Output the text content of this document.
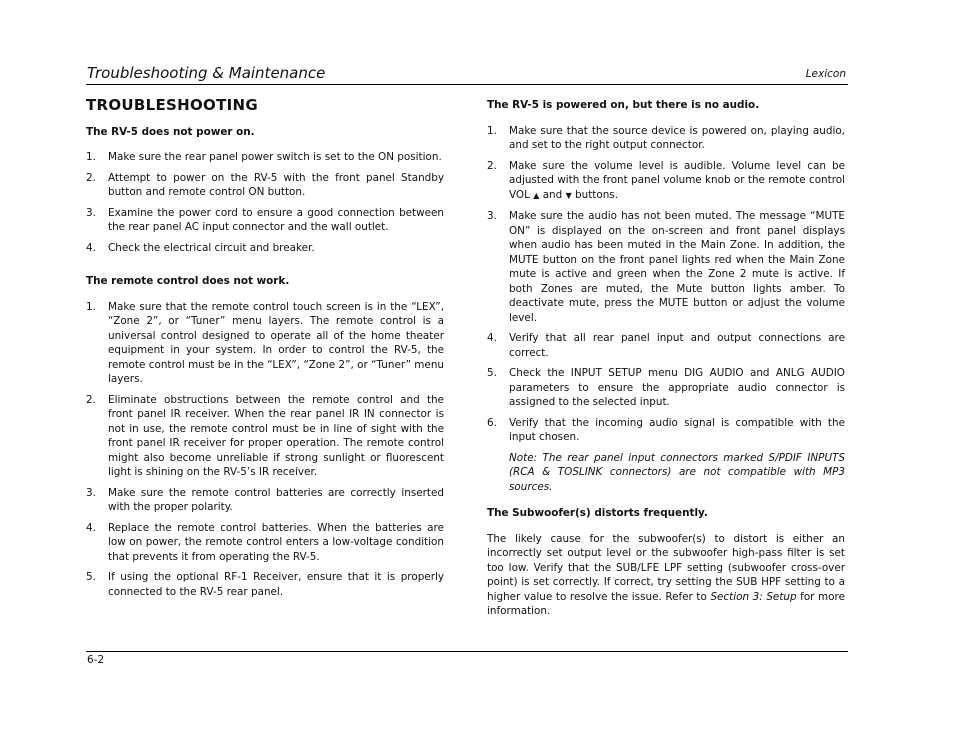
Troubleshooting & Maintenance	Lexicon
TROUBLESHOOTING
The RV-5 does not power on.
1. Make sure the rear panel power switch is set to the ON position.
2. Attempt to power on the RV-5 with the front panel Standby button and remote control ON button.
3. Examine the power cord to ensure a good connection between the rear panel AC input connector and the wall outlet.
4. Check the electrical circuit and breaker.
The remote control does not work.
1. Make sure that the remote control touch screen is in the “LEX”, “Zone 2”, or “Tuner” menu layers. The remote control is a universal control designed to operate all of the home theater equipment in your system. In order to control the RV-5, the remote control must be in the “LEX”, “Zone 2”, or “Tuner” menu layers.
2. Eliminate obstructions between the remote control and the front panel IR receiver. When the rear panel IR IN connector is not in use, the remote control must be in line of sight with the front panel IR receiver for proper operation. The remote control might also become unreliable if strong sunlight or fluorescent light is shining on the RV-5’s IR receiver.
3. Make sure the remote control batteries are correctly inserted with the proper polarity.
4. Replace the remote control batteries. When the batteries are low on power, the remote control enters a low-voltage condition that prevents it from operating the RV-5.
5. If using the optional RF-1 Receiver, ensure that it is properly connected to the RV-5 rear panel.
The RV-5 is powered on, but there is no audio.
1. Make sure that the source device is powered on, playing audio, and set to the right output connector.
2. Make sure the volume level is audible. Volume level can be adjusted with the front panel volume knob or the remote control VOL ▲ and ▼ buttons.
3. Make sure the audio has not been muted. The message “MUTE ON” is displayed on the on-screen and front panel displays when audio has been muted in the Main Zone. In addition, the MUTE button on the front panel lights red when the Main Zone mute is active and green when the Zone 2 mute is active. If both Zones are muted, the Mute button lights amber. To deactivate mute, press the MUTE button or adjust the volume level.
4. Verify that all rear panel input and output connections are correct.
5. Check the INPUT SETUP menu DIG AUDIO and ANLG AUDIO parameters to ensure the appropriate audio connector is assigned to the selected input.
6. Verify that the incoming audio signal is compatible with the input chosen.
Note: The rear panel input connectors marked S/PDIF INPUTS (RCA & TOSLINK connectors) are not compatible with MP3 sources.
The Subwoofer(s) distorts frequently.

The likely cause for the subwoofer(s) to distort is either an incorrectly set output level or the subwoofer high-pass filter is set too low. Verify that the SUB/LFE LPF setting (subwoofer cross-over point) is set correctly. If correct, try setting the SUB HPF setting to a higher value to resolve the issue. Refer to Section 3: Setup for more information.

6-2
